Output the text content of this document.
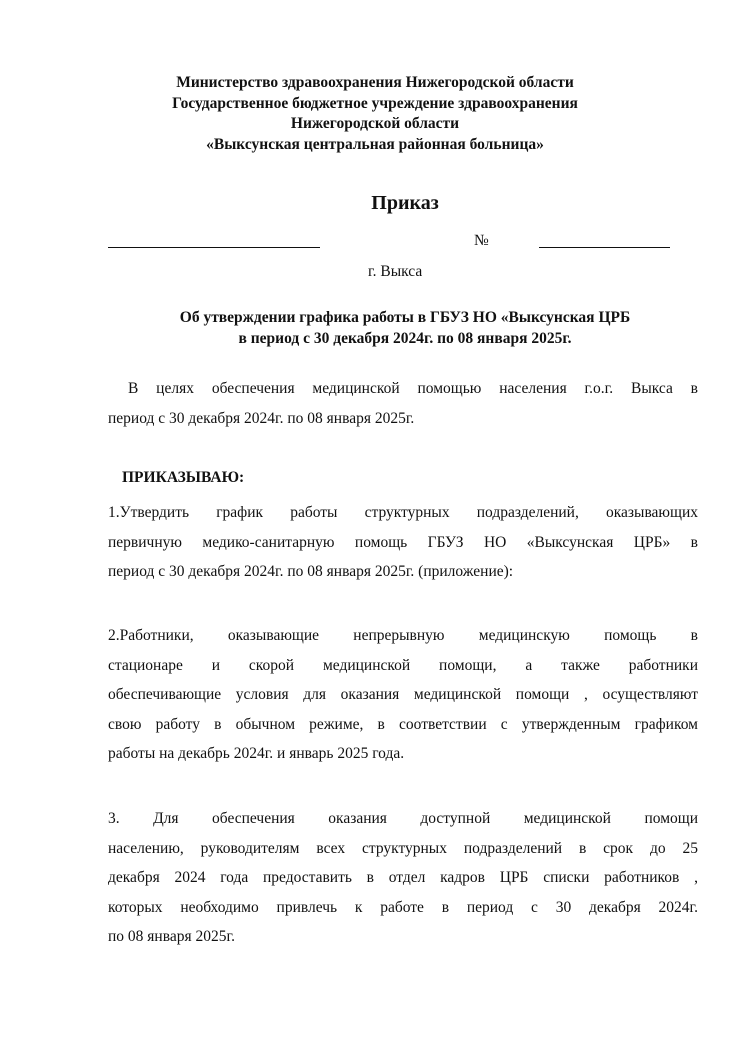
Министерство здравоохранения Нижегородской области
Государственное бюджетное учреждение здравоохранения
Нижегородской области
«Выксунская центральная районная больница»
Приказ
№
г. Выкса
Об утверждении графика работы в ГБУЗ НО «Выксунская ЦРБ
в период с 30 декабря 2024г. по 08 января 2025г.
В целях обеспечения медицинской помощью населения г.о.г. Выкса в
период с 30 декабря 2024г. по 08 января 2025г.
ПРИКАЗЫВАЮ:
1.Утвердить график работы структурных подразделений, оказывающих
первичную медико-санитарную помощь ГБУЗ НО «Выксунская ЦРБ» в
период с 30 декабря 2024г. по 08 января 2025г. (приложение):
2.Работники, оказывающие непрерывную медицинскую помощь в
стационаре и скорой медицинской помощи, а также работники
обеспечивающие условия для оказания медицинской помощи , осуществляют
свою работу в обычном режиме, в соответствии с утвержденным графиком
работы на декабрь 2024г. и январь 2025 года.
3. Для обеспечения оказания доступной медицинской помощи
населению, руководителям всех структурных подразделений в срок до 25
декабря 2024 года предоставить в отдел кадров ЦРБ списки работников ,
которых необходимо привлечь к работе в период с 30 декабря 2024г.
по 08 января 2025г.
